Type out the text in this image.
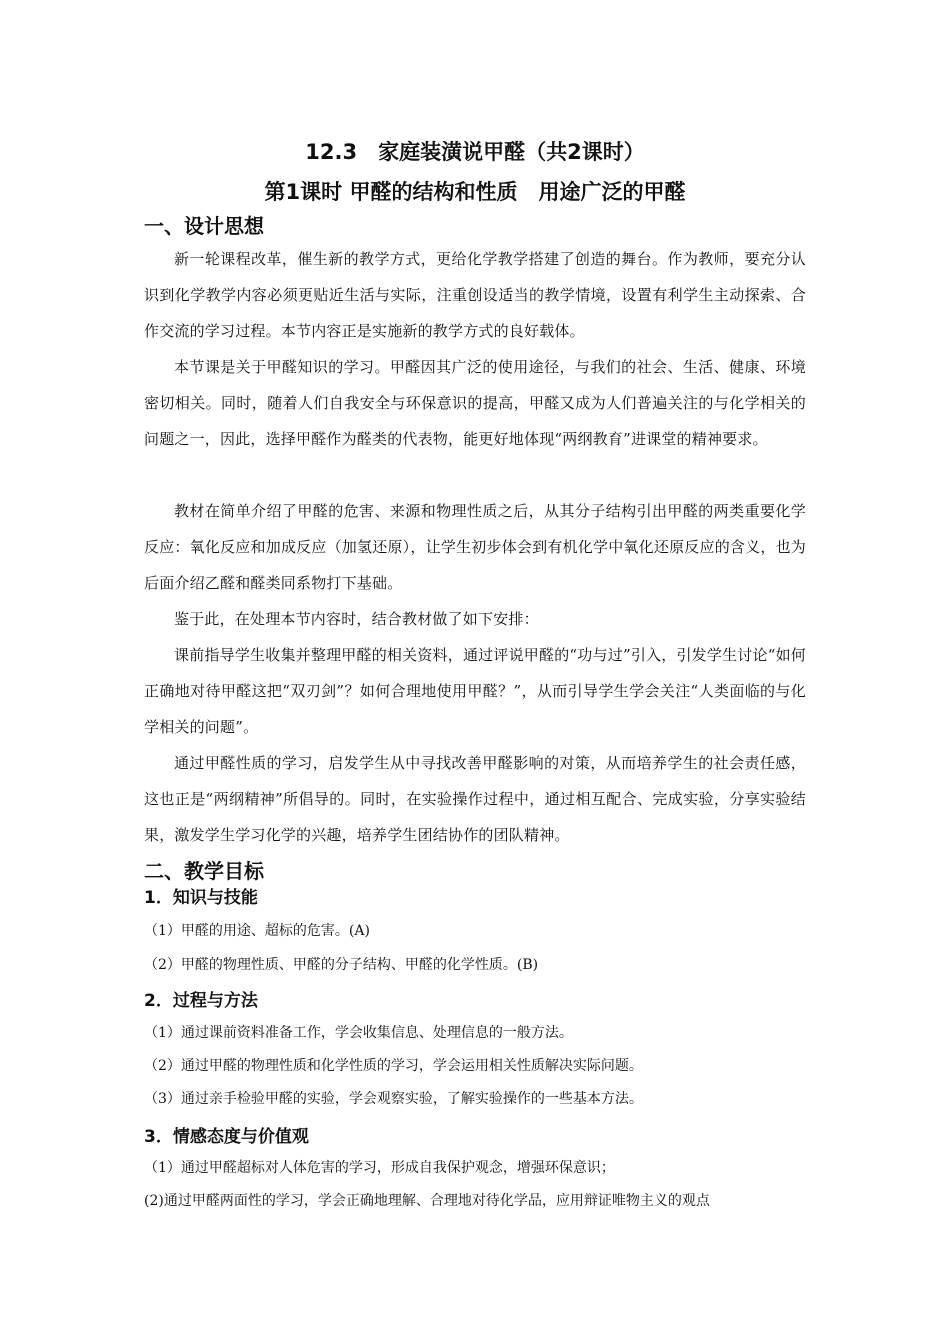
12.3　家庭装潢说甲醛（共2课时）
第1课时 甲醛的结构和性质　用途广泛的甲醛
一、设计思想
新一轮课程改革，催生新的教学方式，更给化学教学搭建了创造的舞台。作为教师，要充分认识到化学教学内容必须更贴近生活与实际，注重创设适当的教学情境，设置有利学生主动探索、合作交流的学习过程。本节内容正是实施新的教学方式的良好载体。
本节课是关于甲醛知识的学习。甲醛因其广泛的使用途径，与我们的社会、生活、健康、环境密切相关。同时，随着人们自我安全与环保意识的提高，甲醛又成为人们普遍关注的与化学相关的问题之一，因此，选择甲醛作为醛类的代表物，能更好地体现“两纲教育”进课堂的精神要求。
教材在简单介绍了甲醛的危害、来源和物理性质之后，从其分子结构引出甲醛的两类重要化学反应：氧化反应和加成反应（加氢还原），让学生初步体会到有机化学中氧化还原反应的含义，也为后面介绍乙醛和醛类同系物打下基础。
鉴于此，在处理本节内容时，结合教材做了如下安排：
课前指导学生收集并整理甲醛的相关资料，通过评说甲醛的“功与过”引入，引发学生讨论“如何正确地对待甲醛这把“双刃剑”？如何合理地使用甲醛？”，从而引导学生学会关注“人类面临的与化学相关的问题”。
通过甲醛性质的学习，启发学生从中寻找改善甲醛影响的对策，从而培养学生的社会责任感，这也正是“两纲精神”所倡导的。同时，在实验操作过程中，通过相互配合、完成实验，分享实验结果，激发学生学习化学的兴趣，培养学生团结协作的团队精神。
二、教学目标
1．知识与技能
（1）甲醛的用途、超标的危害。(A)
（2）甲醛的物理性质、甲醛的分子结构、甲醛的化学性质。(B)
2．过程与方法
（1）通过课前资料准备工作，学会收集信息、处理信息的一般方法。
（2）通过甲醛的物理性质和化学性质的学习，学会运用相关性质解决实际问题。
（3）通过亲手检验甲醛的实验，学会观察实验，了解实验操作的一些基本方法。
3．情感态度与价值观
（1）通过甲醛超标对人体危害的学习，形成自我保护观念，增强环保意识；
(2)通过甲醛两面性的学习，学会正确地理解、合理地对待化学品，应用辩证唯物主义的观点
